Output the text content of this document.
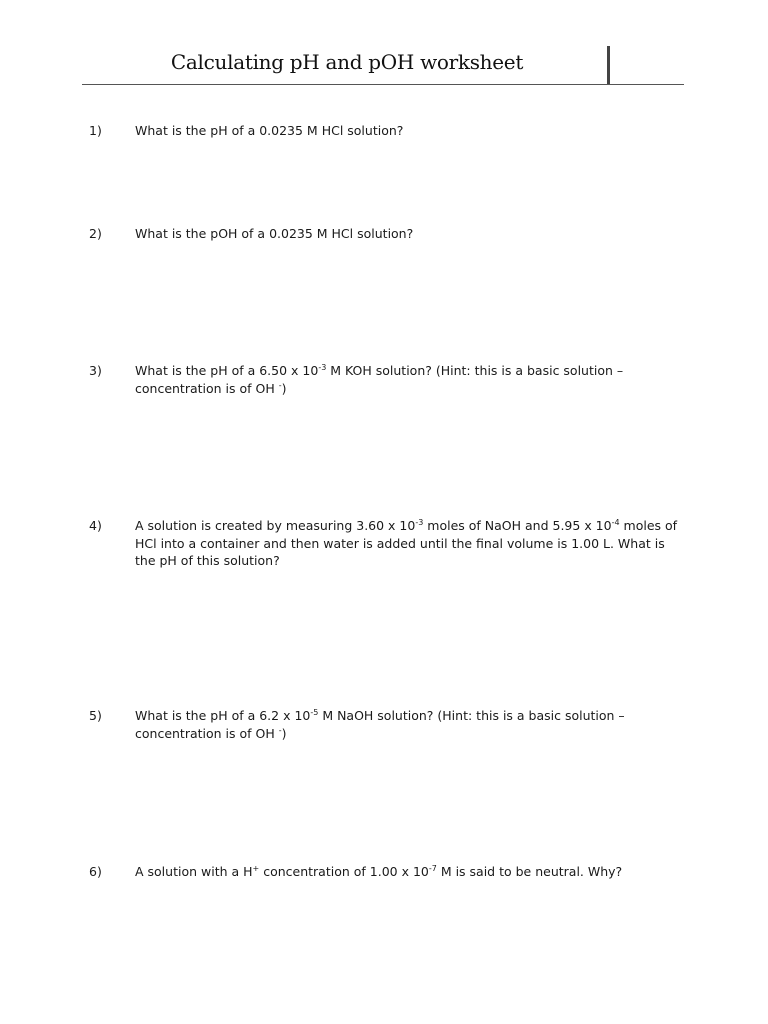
Calculating pH and pOH worksheet
1)	What is the pH of a 0.0235 M HCl solution?

2)	What is the pOH of a 0.0235 M HCl solution?

3)	What is the pH of a 6.50 x $10^{-3}$ M KOH solution? (Hint: this is a basic solution –

concentration is of OH -)

4)	A solution is created by measuring 3.60 x $10^{-3}$ moles of NaOH and 5.95 x $10^{-4}$ moles of

HCl into a container and then water is added until the final volume is 1.00 L. What is

the pH of this solution?

5)	What is the pH of a 6.2 x $10^{-5}$ M NaOH solution? (Hint: this is a basic solution –

concentration is of OH -)

6)	A solution with a H+ concentration of 1.00 x $10^{-7}$ M is said to be neutral. Why?
